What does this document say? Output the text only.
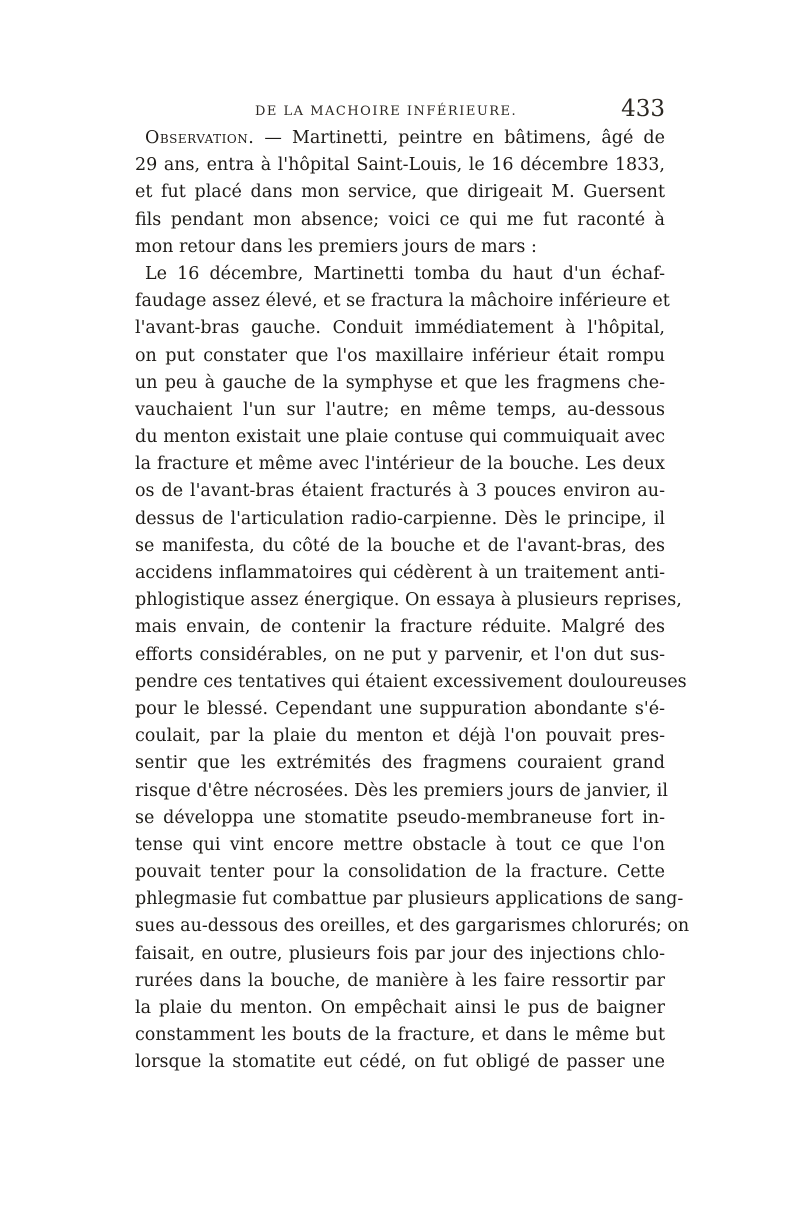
DE LA MACHOIRE INFÉRIEURE.	433
Observation. — Martinetti, peintre en bâtimens, âgé de
29 ans, entra à l'hôpital Saint-Louis, le 16 décembre 1833,
et fut placé dans mon service, que dirigeait M. Guersent
fils pendant mon absence; voici ce qui me fut raconté à
mon retour dans les premiers jours de mars :
Le 16 décembre, Martinetti tomba du haut d'un échaf-
faudage assez élevé, et se fractura la mâchoire inférieure et
l'avant-bras gauche. Conduit immédiatement à l'hôpital,
on put constater que l'os maxillaire inférieur était rompu
un peu à gauche de la symphyse et que les fragmens che-
vauchaient l'un sur l'autre; en même temps, au-dessous
du menton existait une plaie contuse qui commuiquait avec
la fracture et même avec l'intérieur de la bouche. Les deux
os de l'avant-bras étaient fracturés à 3 pouces environ au-
dessus de l'articulation radio-carpienne. Dès le principe, il
se manifesta, du côté de la bouche et de l'avant-bras, des
accidens inflammatoires qui cédèrent à un traitement anti-
phlogistique assez énergique. On essaya à plusieurs reprises,
mais envain, de contenir la fracture réduite. Malgré des
efforts considérables, on ne put y parvenir, et l'on dut sus-
pendre ces tentatives qui étaient excessivement douloureuses
pour le blessé. Cependant une suppuration abondante s'é-
coulait, par la plaie du menton et déjà l'on pouvait pres-
sentir que les extrémités des fragmens couraient grand
risque d'être nécrosées. Dès les premiers jours de janvier, il
se développa une stomatite pseudo-membraneuse fort in-
tense qui vint encore mettre obstacle à tout ce que l'on
pouvait tenter pour la consolidation de la fracture. Cette
phlegmasie fut combattue par plusieurs applications de sang-
sues au-dessous des oreilles, et des gargarismes chlorurés; on
faisait, en outre, plusieurs fois par jour des injections chlo-
rurées dans la bouche, de manière à les faire ressortir par
la plaie du menton. On empêchait ainsi le pus de baigner
constamment les bouts de la fracture, et dans le même but
lorsque la stomatite eut cédé, on fut obligé de passer une
